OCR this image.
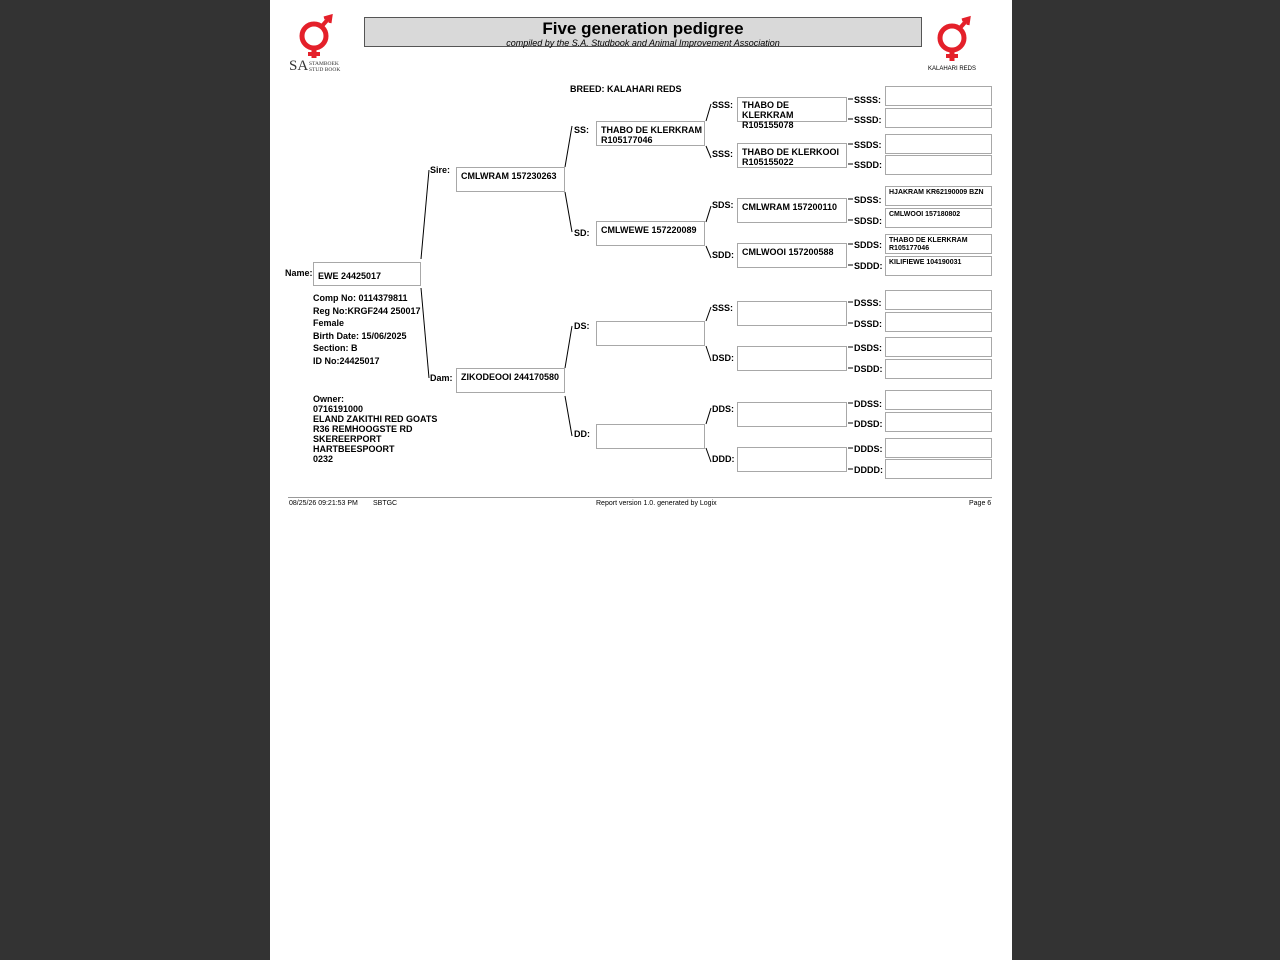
SA STAMBOEK
STUD BOOK
Five generation pedigree
compiled by the S.A. Studbook and Animal Improvement Association
KALAHARI REDS
BREED: KALAHARI REDS
Name: EWE 24425017
Comp No: 0114379811
Reg No:KRGF244 250017
Female
Birth Date: 15/06/2025
Section: B
ID No:24425017
Owner:
0716191000
ELAND ZAKITHI RED GOATS
R36 REMHOOGSTE RD
SKEREERPORT
HARTBEESPOORT
0232
Sire:
CMLWRAM 157230263
Dam: ZIKODEOOI 244170580
SS: THABO DE KLERKRAM R105177046
SD: CMLWEWE 157220089
DS:
DD:
SSS: THABO DE KLERKRAM R105155078
SSS: THABO DE KLERKOOI R105155022
SDS: CMLWRAM 157200110
SDD: CMLWOOI 157200588
SSS:
DSD:
DDS:
DDD:
SSSS:
SSSD:
SSDS:
SSDD:
SDSS:
HJAKRAM KR62190009 BZN
SDSD:
CMLWOOI 157180802
SDDS: THABO DE KLERKRAM R105177046
SDDD: KILIFIEWE 104190031
DSSS:
DSSD:
DSDS:
DSDD:
DDSS:
DDSD:
DDDS:
DDDD:
08/25/26 09:21:53 PM SBTGC	Report version 1.0. generated by Logix	Page 6
